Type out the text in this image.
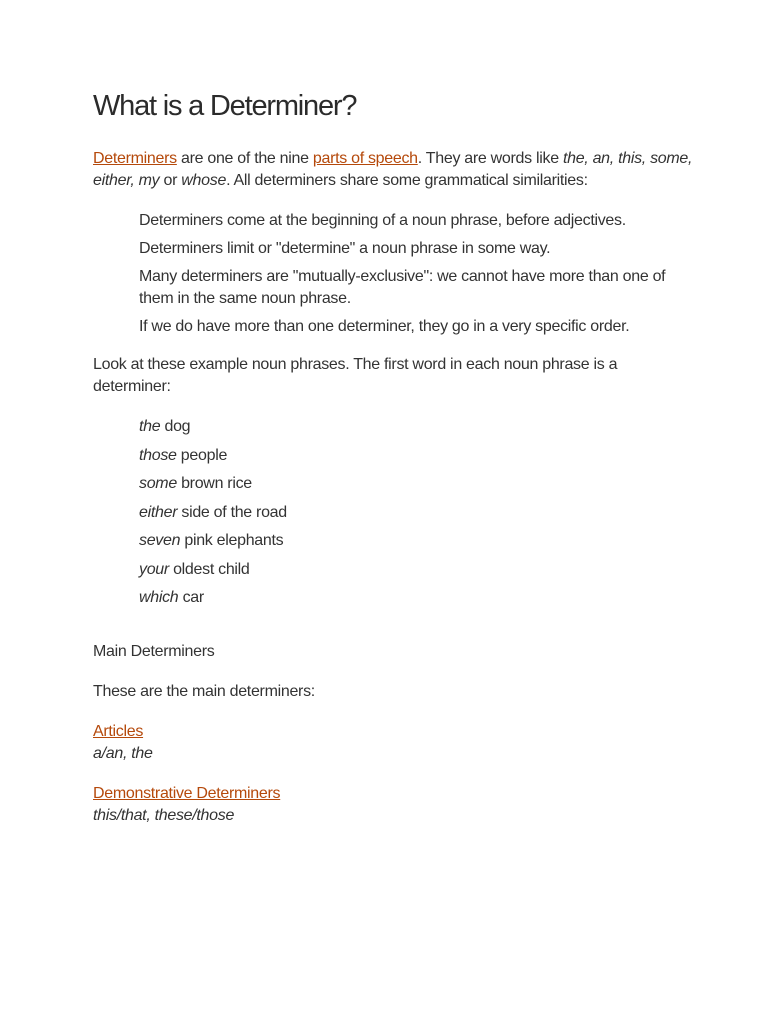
What is a Determiner?

Determiners are one of the nine parts of speech. They are words like the, an, this, some, either, my or whose. All determiners share some grammatical similarities:

Determiners come at the beginning of a noun phrase, before adjectives.
Determiners limit or "determine" a noun phrase in some way.
Many determiners are "mutually-exclusive": we cannot have more than one of them in the same noun phrase.
If we do have more than one determiner, they go in a very specific order.

Look at these example noun phrases. The first word in each noun phrase is a determiner:

the dog
those people
some brown rice
either side of the road
seven pink elephants
your oldest child
which car

Main Determiners

These are the main determiners:

Articles
a/an, the
Demonstrative Determiners
this/that, these/those
